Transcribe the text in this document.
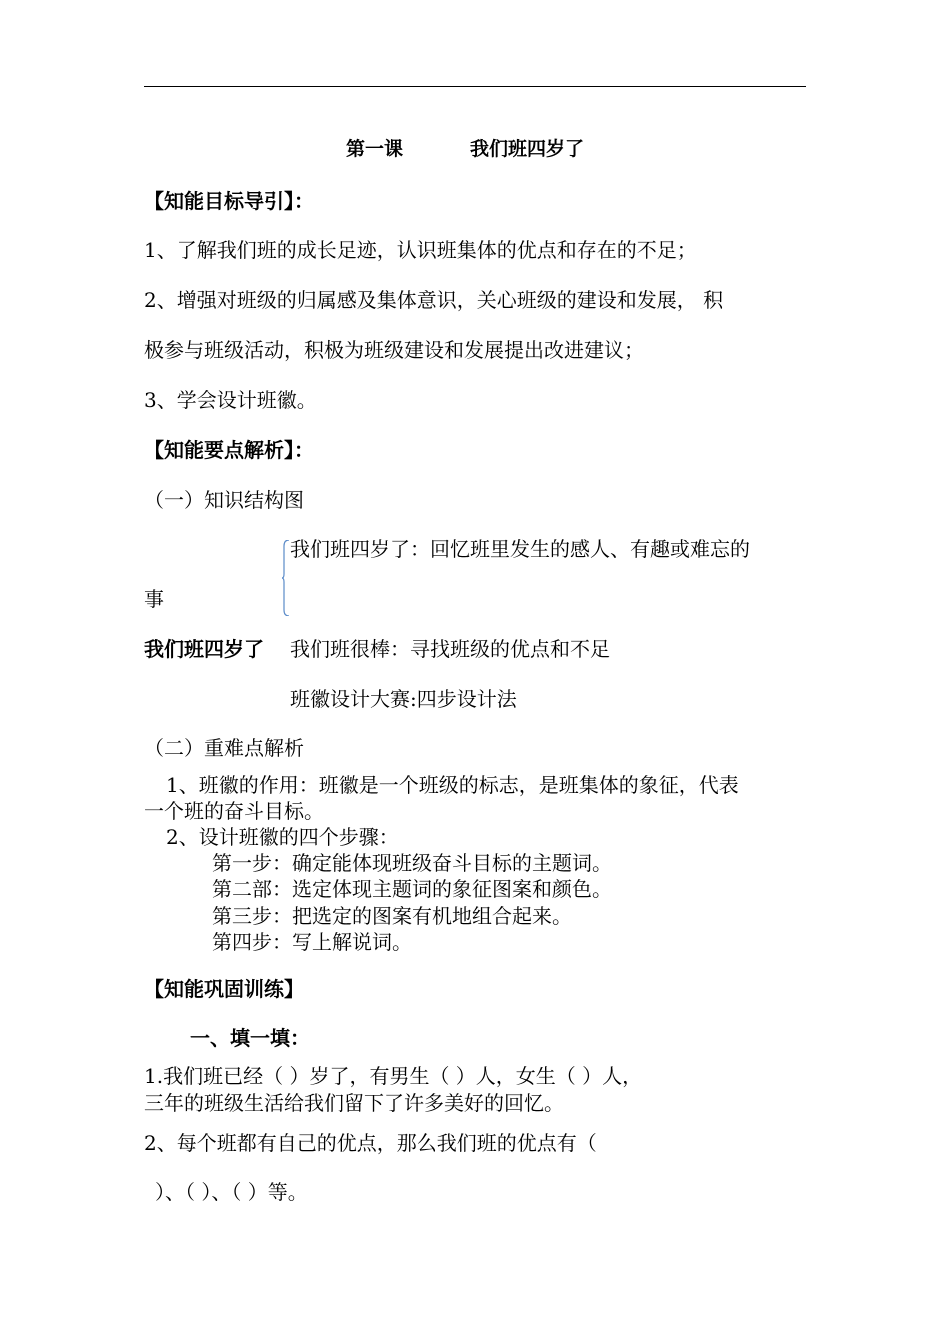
第一课	我们班四岁了
【知能目标导引】：
1、了解我们班的成长足迹，认识班集体的优点和存在的不足；
2、增强对班级的归属感及集体意识，关心班级的建设和发展， 积
极参与班级活动，积极为班级建设和发展提出改进建议；
3、学会设计班徽。
【知能要点解析】：
（一）知识结构图
我们班四岁了：回忆班里发生的感人、有趣或难忘的
事
我们班四岁了 我们班很棒：寻找班级的优点和不足
班徽设计大赛:四步设计法
（二）重难点解析
1、班徽的作用：班徽是一个班级的标志，是班集体的象征，代表
一个班的奋斗目标。
2、设计班徽的四个步骤：
第一步：确定能体现班级奋斗目标的主题词。
第二部：选定体现主题词的象征图案和颜色。
第三步：把选定的图案有机地组合起来。
第四步：写上解说词。
【知能巩固训练】
一、填一填：
1.我们班已经（ ）岁了，有男生（ ）人，女生（ ）人，
三年的班级生活给我们留下了许多美好的回忆。
2、每个班都有自己的优点，那么我们班的优点有（
）、（ ）、（ ）等。
